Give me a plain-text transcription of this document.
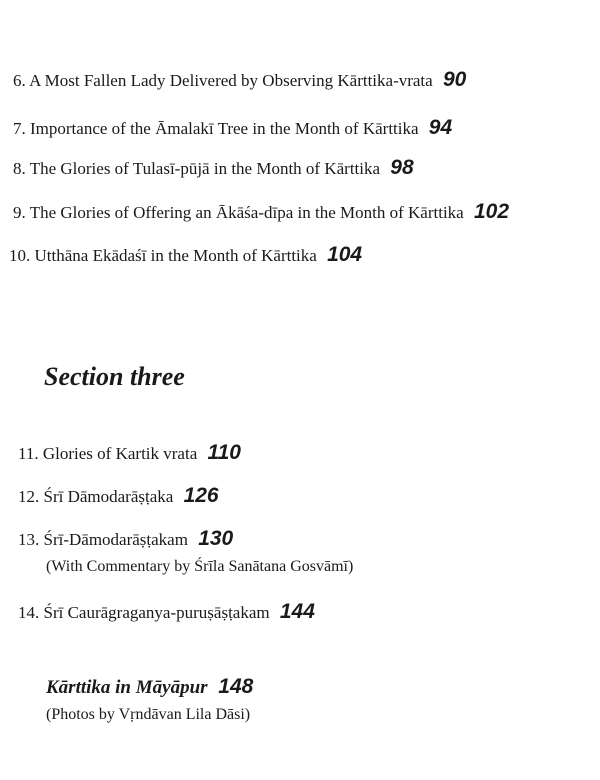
6. A Most Fallen Lady Delivered by Observing Kārttika-vrata 90
7. Importance of the Āmalakī Tree in the Month of Kārttika 94
8. The Glories of Tulasī-pūjā in the Month of Kārttika 98
9. The Glories of Offering an Ākāśa-dīpa in the Month of Kārttika 102
10. Utthāna Ekādaśī in the Month of Kārttika 104
Section three
11. Glories of Kartik vrata 110
12. Śrī Dāmodarāṣṭaka 126
13. Śrī-Dāmodarāṣṭakam 130
(With Commentary by Śrīla Sanātana Gosvāmī)
14. Śrī Caurāgraganya-puruṣāṣṭakam 144
Kārttika in Māyāpur 148
(Photos by Vṛndāvan Lila Dāsi)
